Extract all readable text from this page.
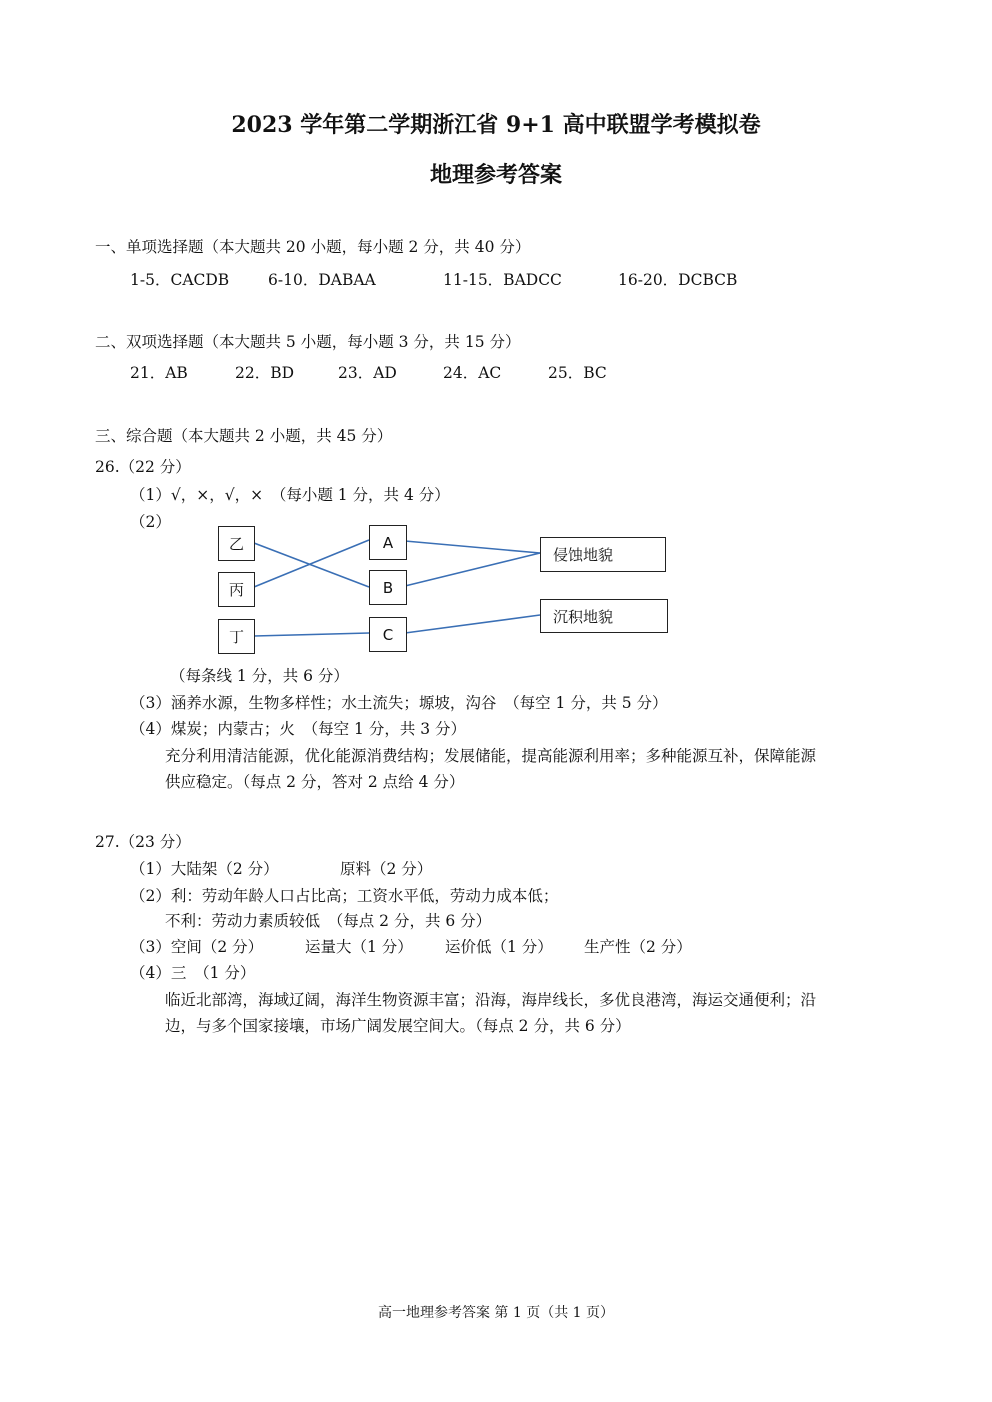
2023 学年第二学期浙江省 9+1 高中联盟学考模拟卷
地理参考答案
一、单项选择题（本大题共 20 小题，每小题 2 分，共 40 分）
1-5．CACDB	6-10．DABAA	11-15．BADCC	16-20．DCBCB
二、双项选择题（本大题共 5 小题，每小题 3 分，共 15 分）
21．AB	22．BD	23．AD	24．AC	25．BC
三、综合题（本大题共 2 小题，共 45 分）
26.（22 分）
（1）√，×，√，×　（每小题 1 分，共 4 分）
（2）
乙
丙
丁
A
B
C
侵蚀地貌
沉积地貌
（每条线 1 分，共 6 分）
（3）涵养水源，生物多样性；水土流失；塬坡，沟谷　（每空 1 分，共 5 分）
（4）煤炭；内蒙古；火　（每空 1 分，共 3 分）
充分利用清洁能源，优化能源消费结构；发展储能，提高能源利用率；多种能源互补，保障能源
供应稳定。（每点 2 分，答对 2 点给 4 分）
27.（23 分）
（1）大陆架（2 分）	原料（2 分）
（2）利：劳动年龄人口占比高；工资水平低，劳动力成本低；
不利：劳动力素质较低　（每点 2 分，共 6 分）
（3）空间（2 分）	运量大（1 分） 运价低（1 分） 生产性（2 分）
（4）三　（1 分）
临近北部湾，海域辽阔，海洋生物资源丰富；沿海，海岸线长，多优良港湾，海运交通便利；沿
边，与多个国家接壤，市场广阔发展空间大。（每点 2 分，共 6 分）
高一地理参考答案 第 1 页（共 1 页）
